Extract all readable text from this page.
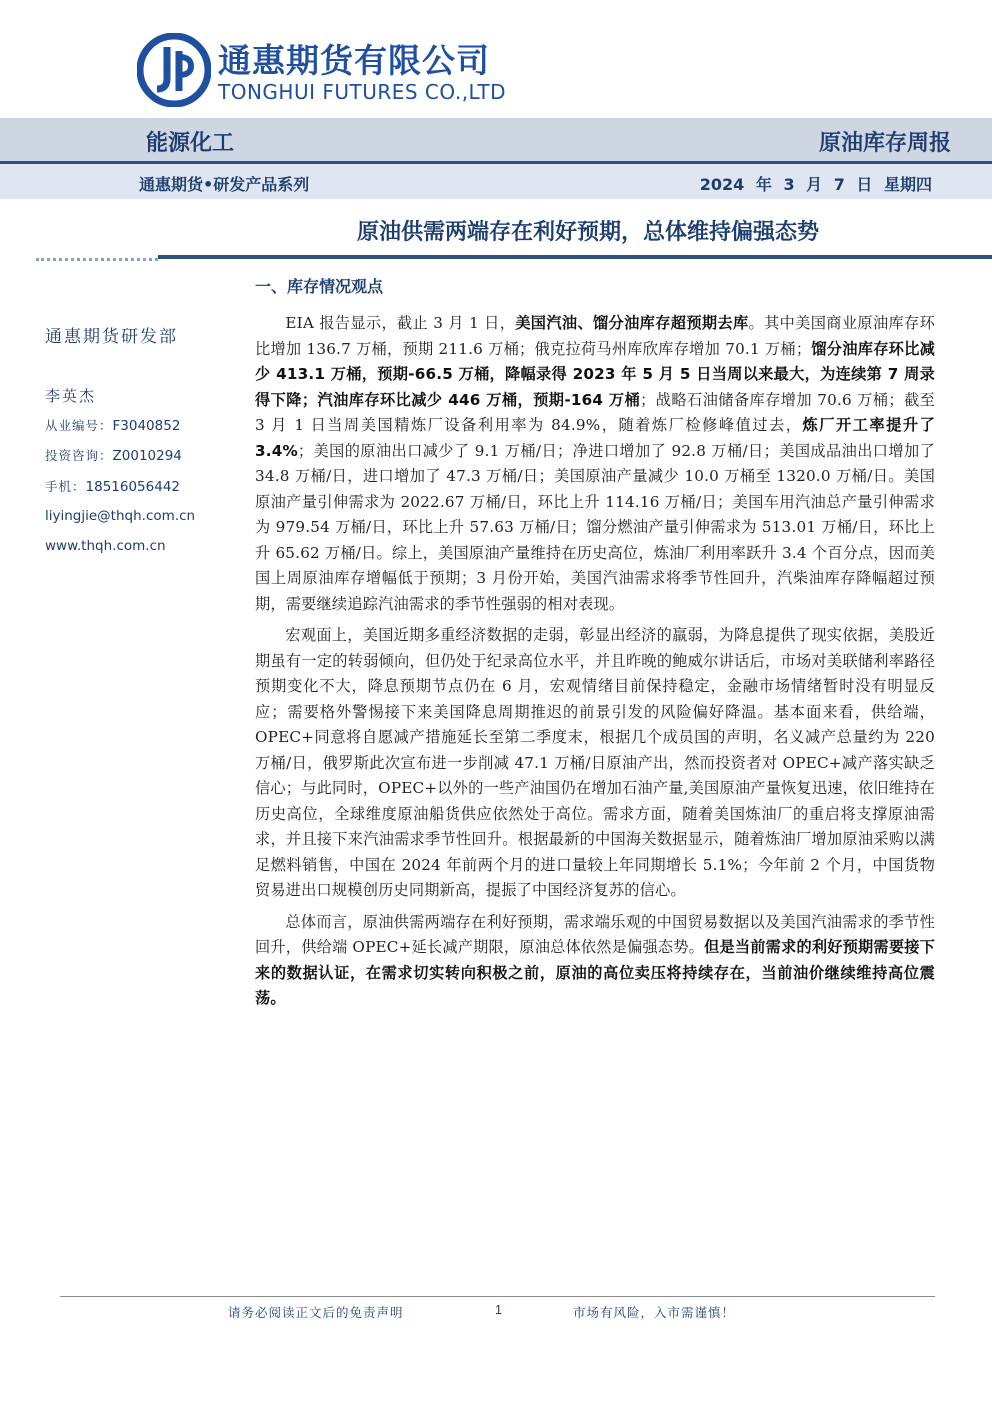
通惠期货有限公司
TONGHUI FUTURES CO.,LTD
能源化工	原油库存周报
通惠期货•研发产品系列	2024 年 3 月 7 日 星期四
原油供需两端存在利好预期，总体维持偏强态势
通惠期货研发部
李英杰
从业编号：F3040852
投资咨询：Z0010294
手机：18516056442
liyingjie@thqh.com.cn
www.thqh.com.cn
一、库存情况观点

EIA 报告显示，截止 3 月 1 日，美国汽油、馏分油库存超预期去库。其中美国商业原油库存环比增加 136.7 万桶，预期 211.6 万桶；俄克拉荷马州库欣库存增加 70.1 万桶；馏分油库存环比减少 413.1 万桶，预期-66.5 万桶，降幅录得 2023 年 5 月 5 日当周以来最大，为连续第 7 周录得下降；汽油库存环比减少 446 万桶，预期-164 万桶；战略石油储备库存增加 70.6 万桶；截至 3 月 1 日当周美国精炼厂设备利用率为 84.9%，随着炼厂检修峰值过去，炼厂开工率提升了 3.4%；美国的原油出口减少了 9.1 万桶/日；净进口增加了 92.8 万桶/日；美国成品油出口增加了 34.8 万桶/日，进口增加了 47.3 万桶/日；美国原油产量减少 10.0 万桶至 1320.0 万桶/日。美国原油产量引伸需求为 2022.67 万桶/日，环比上升 114.16 万桶/日；美国车用汽油总产量引伸需求为 979.54 万桶/日，环比上升 57.63 万桶/日；馏分燃油产量引伸需求为 513.01 万桶/日，环比上升 65.62 万桶/日。综上，美国原油产量维持在历史高位，炼油厂利用率跃升 3.4 个百分点，因而美国上周原油库存增幅低于预期；3 月份开始，美国汽油需求将季节性回升，汽柴油库存降幅超过预期，需要继续追踪汽油需求的季节性强弱的相对表现。

宏观面上，美国近期多重经济数据的走弱，彰显出经济的羸弱，为降息提供了现实依据，美股近期虽有一定的转弱倾向，但仍处于纪录高位水平，并且昨晚的鲍威尔讲话后，市场对美联储利率路径预期变化不大，降息预期节点仍在 6 月，宏观情绪目前保持稳定，金融市场情绪暂时没有明显反应；需要格外警惕接下来美国降息周期推迟的前景引发的风险偏好降温。基本面来看，供给端，OPEC+同意将自愿减产措施延长至第二季度末，根据几个成员国的声明，名义减产总量约为 220 万桶/日，俄罗斯此次宣布进一步削减 47.1 万桶/日原油产出，然而投资者对 OPEC+减产落实缺乏信心；与此同时，OPEC+以外的一些产油国仍在增加石油产量,美国原油产量恢复迅速，依旧维持在历史高位，全球维度原油船货供应依然处于高位。需求方面，随着美国炼油厂的重启将支撑原油需求，并且接下来汽油需求季节性回升。根据最新的中国海关数据显示，随着炼油厂增加原油采购以满足燃料销售，中国在 2024 年前两个月的进口量较上年同期增长 5.1%；今年前 2 个月，中国货物贸易进出口规模创历史同期新高，提振了中国经济复苏的信心。

总体而言，原油供需两端存在利好预期，需求端乐观的中国贸易数据以及美国汽油需求的季节性回升，供给端 OPEC+延长减产期限，原油总体依然是偏强态势。但是当前需求的利好预期需要接下来的数据认证，在需求切实转向积极之前，原油的高位卖压将持续存在，当前油价继续维持高位震荡。

请务必阅读正文后的免责声明	1	市场有风险，入市需谨慎！
